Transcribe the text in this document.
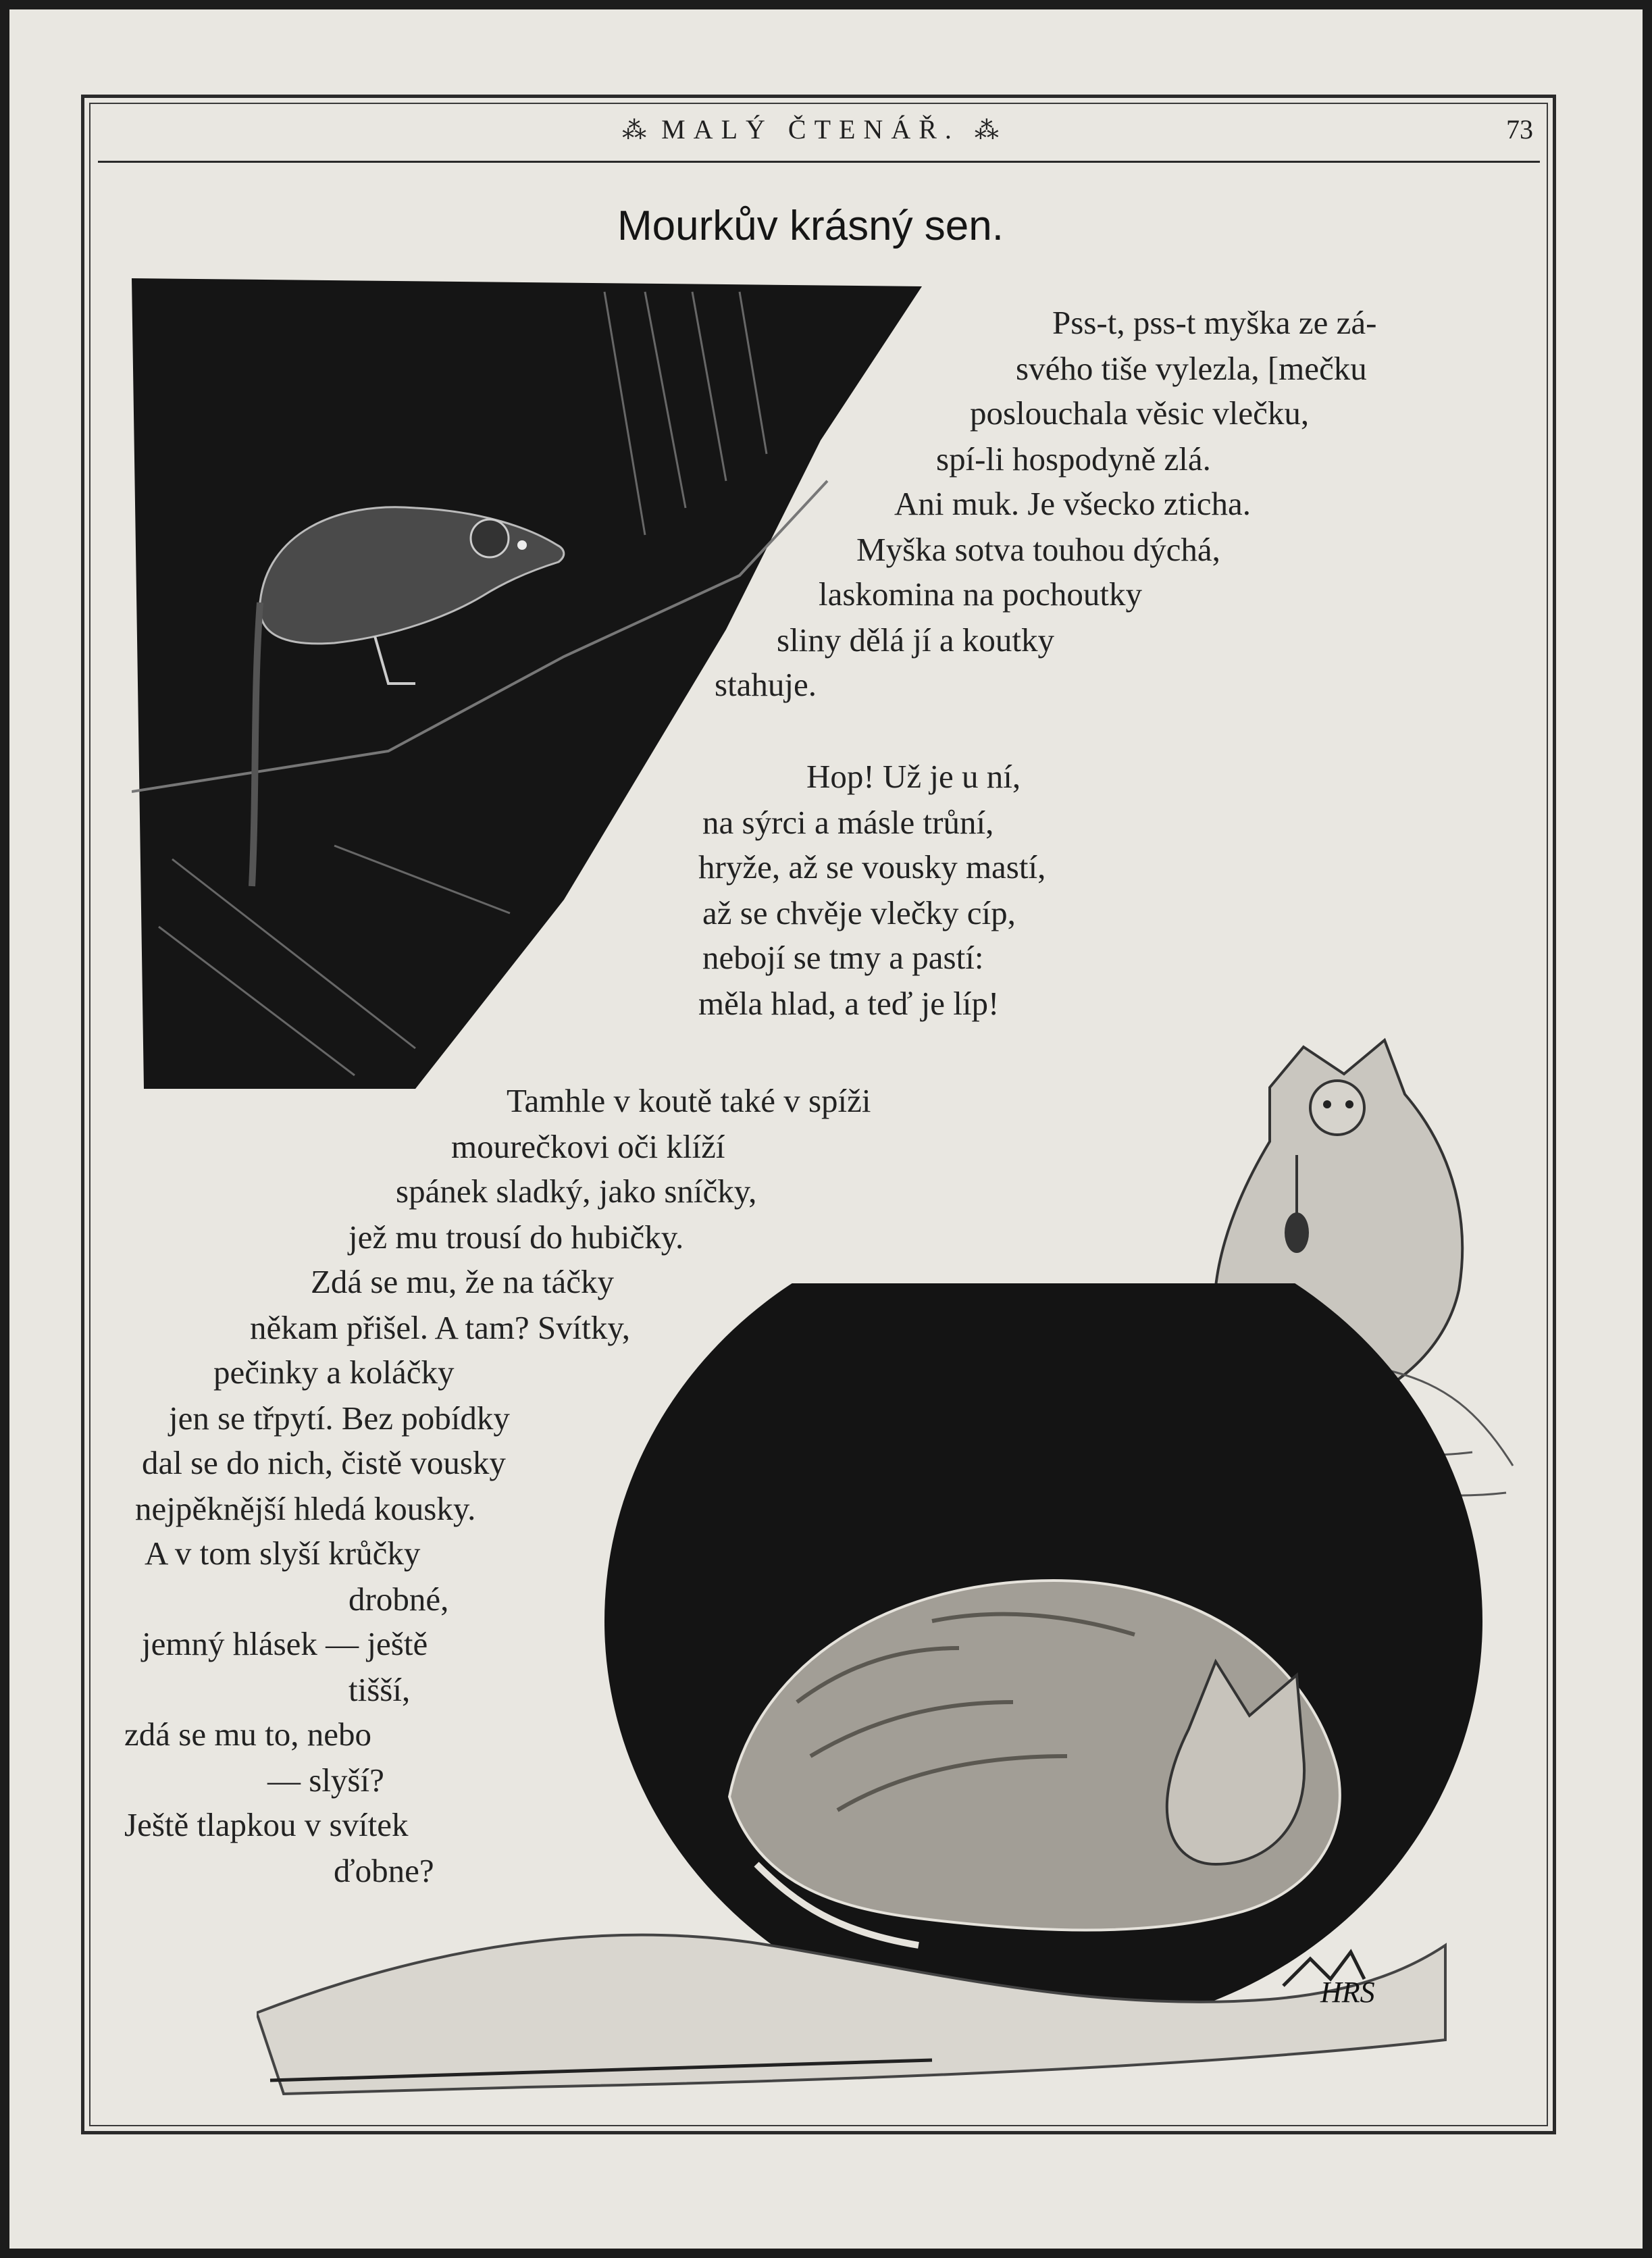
⁂ MALÝ ČTENÁŘ. ⁂	73
Mourkův krásný sen.
Pss-t, pss-t myška ze zá-
svého tiše vylezla, [mečku
poslouchala věsic vlečku,
spí-li hospodyně zlá.
Ani muk. Je všecko zticha.
Myška sotva touhou dýchá,
laskomina na pochoutky
sliny dělá jí a koutky
stahuje.
Hop! Už je u ní,
na sýrci a másle trůní,
hryže, až se vousky mastí,
až se chvěje vlečky cíp,
nebojí se tmy a pastí:
měla hlad, a teď je líp!
Tamhle v koutě také v spíži
mourečkovi oči klíží
spánek sladký, jako sníčky,
jež mu trousí do hubičky.
Zdá se mu, že na táčky
někam přišel. A tam? Svítky,
pečinky a koláčky
jen se třpytí. Bez pobídky
dal se do nich, čistě vousky
nejpěknější hledá kousky.
A v tom slyší krůčky
drobné,
jemný hlásek — ještě
tišší,
zdá se mu to, nebo
— slyší?
Ještě tlapkou v svítek
ďobne?
HRS
